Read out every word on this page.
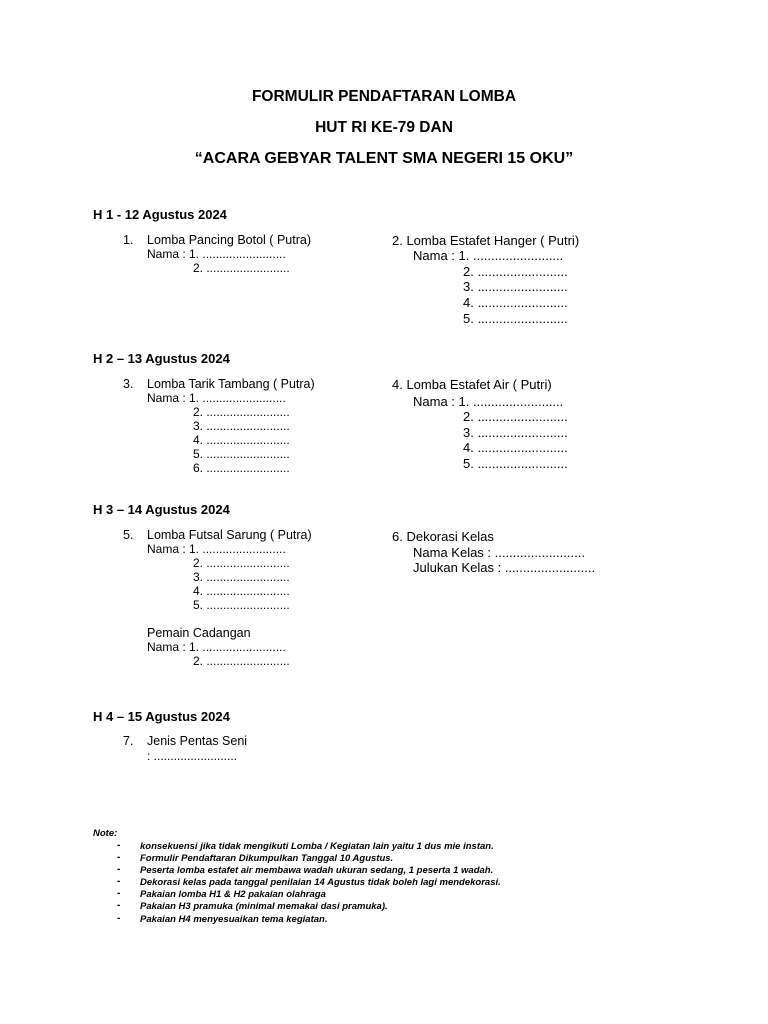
FORMULIR PENDAFTARAN LOMBA
HUT RI KE-79 DAN
“ACARA GEBYAR TALENT SMA NEGERI 15 OKU”
H 1 - 12 Agustus 2024
1. Lomba Pancing Botol ( Putra)
Nama : 1. .........................
2. .........................
2. Lomba Estafet Hanger ( Putri)
Nama : 1. .........................
2. .........................
3. .........................
4. .........................
5. .........................
H 2 – 13 Agustus 2024
3. Lomba Tarik Tambang ( Putra)
Nama : 1. .........................
2. .........................
3. .........................
4. .........................
5. .........................
6. .........................
4. Lomba Estafet Air ( Putri)
Nama : 1. .........................
2. .........................
3. .........................
4. .........................
5. .........................
H 3 – 14 Agustus 2024
5. Lomba Futsal Sarung ( Putra)
Nama : 1. .........................
2. .........................
3. .........................
4. .........................
5. .........................
Pemain Cadangan
Nama : 1. .........................
2. .........................
6. Dekorasi Kelas
Nama Kelas : .........................
Julukan Kelas : .........................
H 4 – 15 Agustus 2024
7. Jenis Pentas Seni
: .........................
Note:
- konsekuensi jika tidak mengikuti Lomba / Kegiatan lain yaitu 1 dus mie instan.
- Formulir Pendaftaran Dikumpulkan Tanggal 10 Agustus.
- Peserta lomba estafet air membawa wadah ukuran sedang, 1 peserta 1 wadah.
- Dekorasi kelas pada tanggal penilaian 14 Agustus tidak boleh lagi mendekorasi.
- Pakaian lomba H1 & H2 pakaian olahraga
- Pakaian H3 pramuka (minimal memakai dasi pramuka).
- Pakaian H4 menyesuaikan tema kegiatan.
